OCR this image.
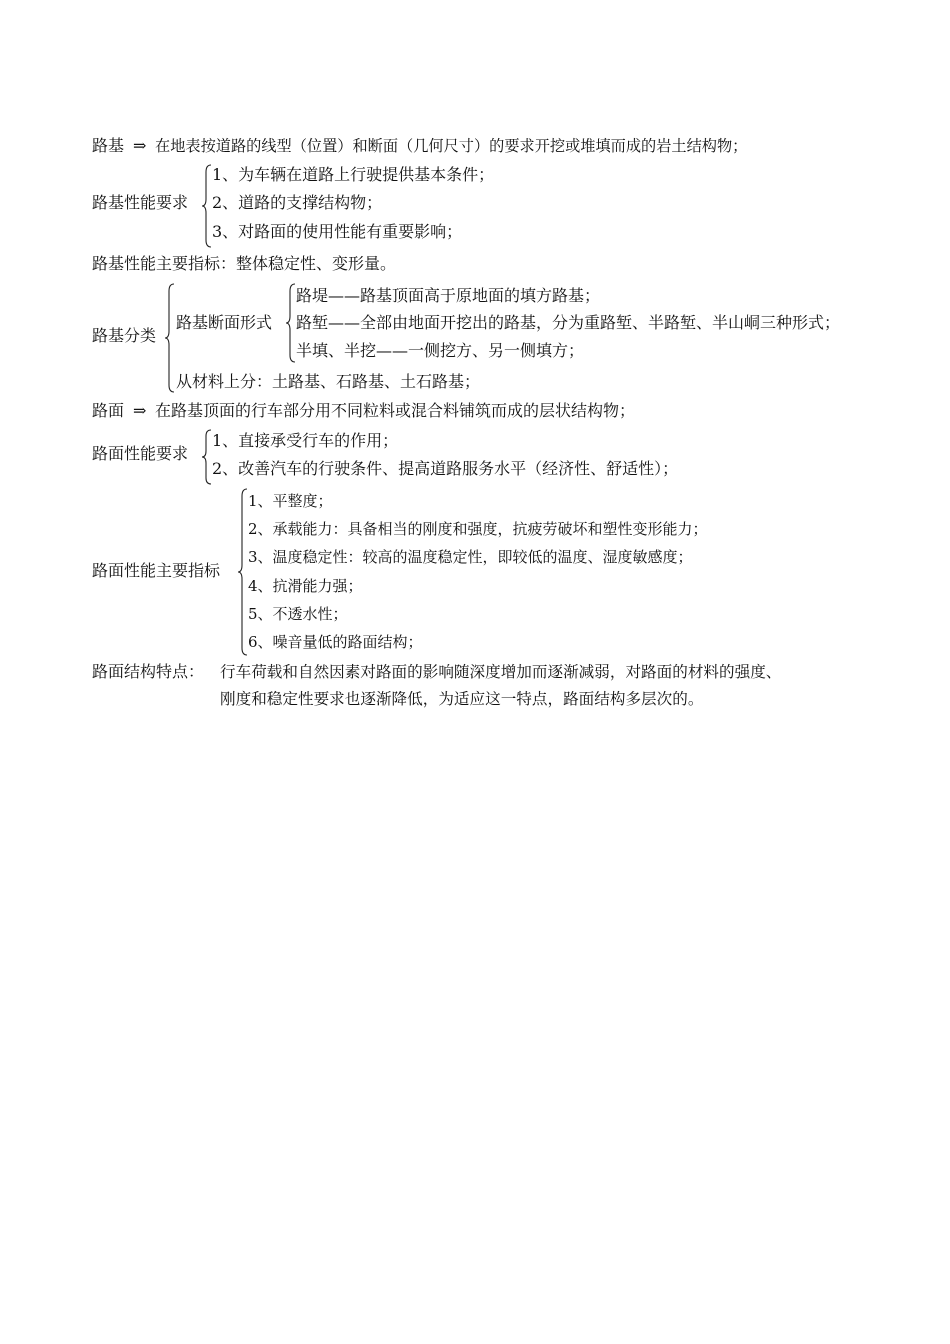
路基 ⇒ 在地表按道路的线型（位置）和断面（几何尺寸）的要求开挖或堆填而成的岩土结构物；
路基性能要求
1、为车辆在道路上行驶提供基本条件；
2、道路的支撑结构物；
3、对路面的使用性能有重要影响；
路基性能主要指标：整体稳定性、变形量。
路基分类
路基断面形式
路堤——路基顶面高于原地面的填方路基；
路堑——全部由地面开挖出的路基，分为重路堑、半路堑、半山峒三种形式；
半填、半挖——一侧挖方、另一侧填方；
从材料上分：土路基、石路基、土石路基；
路面 ⇒ 在路基顶面的行车部分用不同粒料或混合料铺筑而成的层状结构物；
路面性能要求
1、直接承受行车的作用；
2、改善汽车的行驶条件、提高道路服务水平（经济性、舒适性）；
路面性能主要指标
1、平整度；
2、承载能力：具备相当的刚度和强度，抗疲劳破坏和塑性变形能力；
3、温度稳定性：较高的温度稳定性，即较低的温度、湿度敏感度；
4、抗滑能力强；
5、不透水性；
6、噪音量低的路面结构；
路面结构特点： 行车荷载和自然因素对路面的影响随深度增加而逐渐减弱，对路面的材料的强度、
刚度和稳定性要求也逐渐降低，为适应这一特点，路面结构多层次的。
